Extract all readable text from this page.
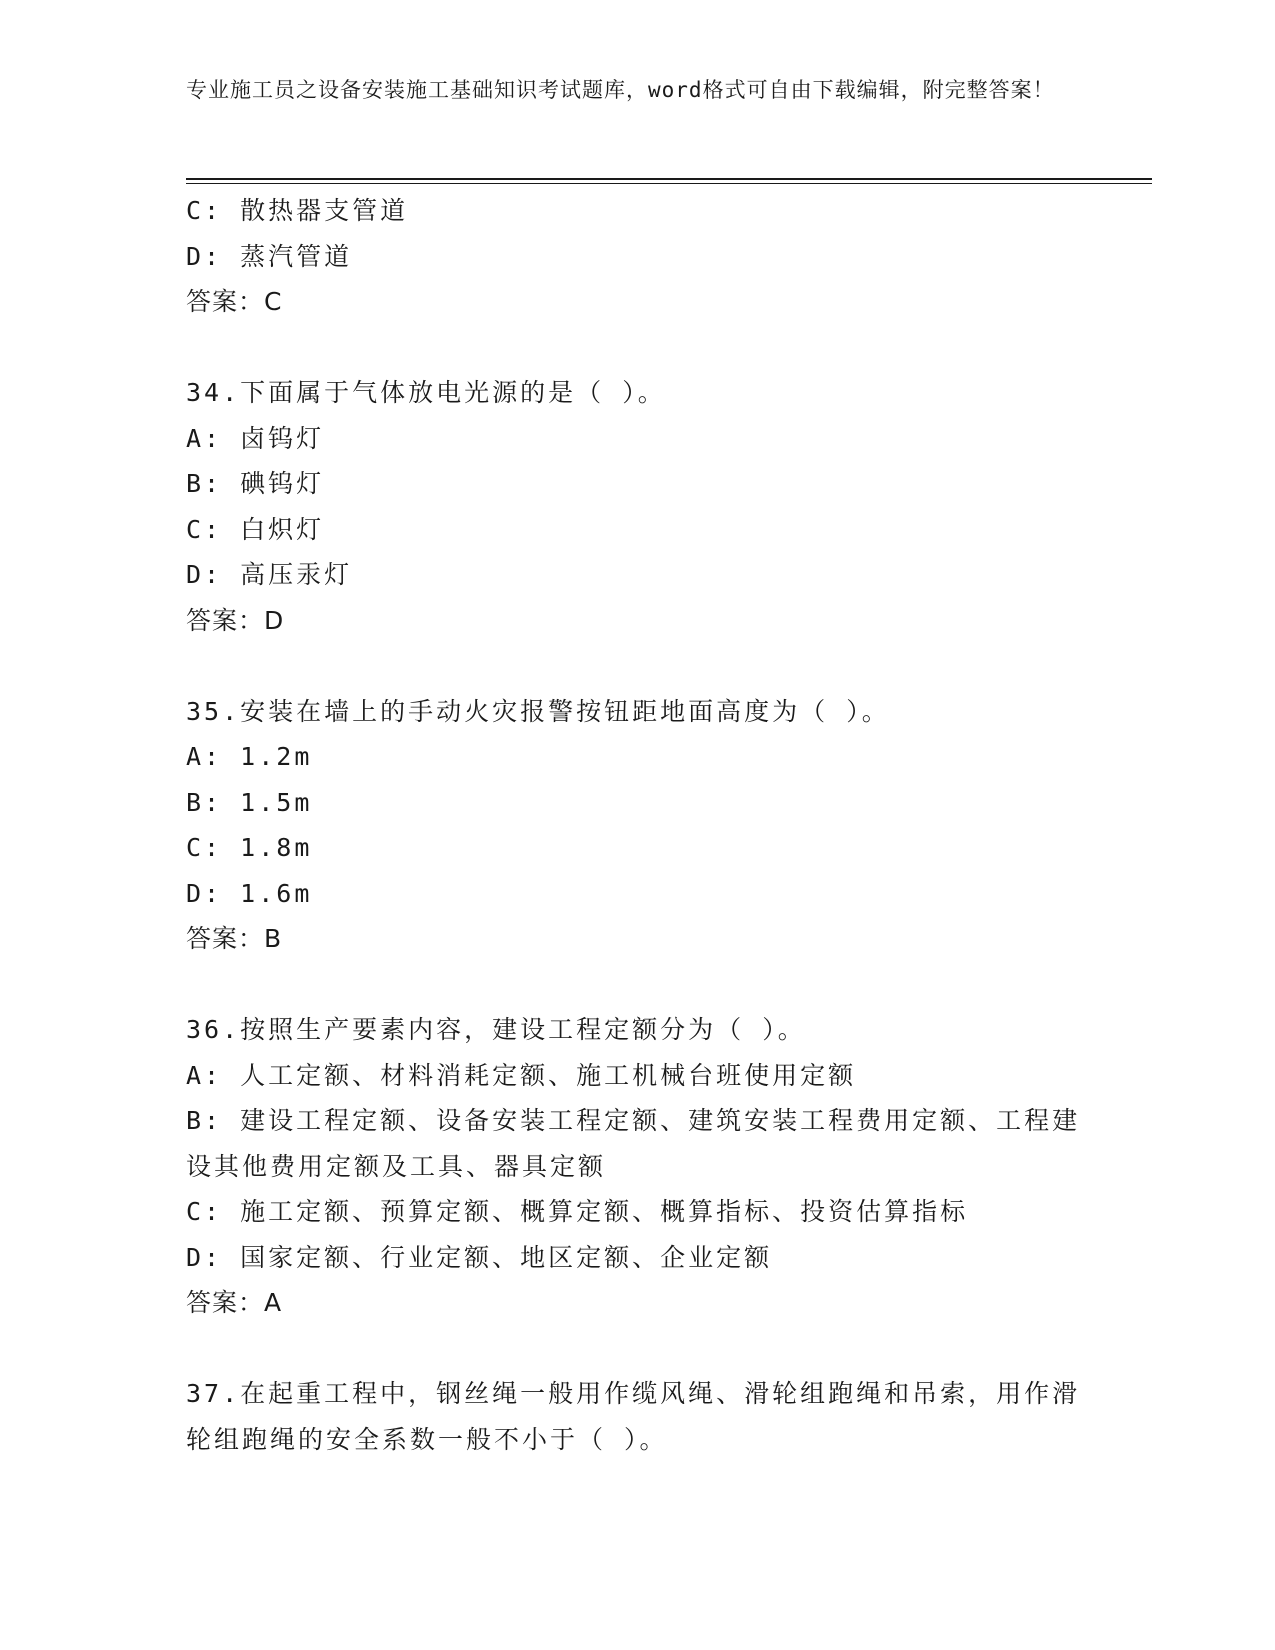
专业施工员之设备安装施工基础知识考试题库，word格式可自由下载编辑，附完整答案！
C: 散热器支管道
D: 蒸汽管道
答案：C
34.下面属于气体放电光源的是（ ）。
A: 卤钨灯
B: 碘钨灯
C: 白炽灯
D: 高压汞灯
答案：D
35.安装在墙上的手动火灾报警按钮距地面高度为（ ）。
A: 1.2m
B: 1.5m
C: 1.8m
D: 1.6m
答案：B
36.按照生产要素内容，建设工程定额分为（ ）。
A: 人工定额、材料消耗定额、施工机械台班使用定额
B: 建设工程定额、设备安装工程定额、建筑安装工程费用定额、工程建设其他费用定额及工具、器具定额
C: 施工定额、预算定额、概算定额、概算指标、投资估算指标
D: 国家定额、行业定额、地区定额、企业定额
答案：A
37.在起重工程中，钢丝绳一般用作缆风绳、滑轮组跑绳和吊索，用作滑轮组跑绳的安全系数一般不小于（ ）。
